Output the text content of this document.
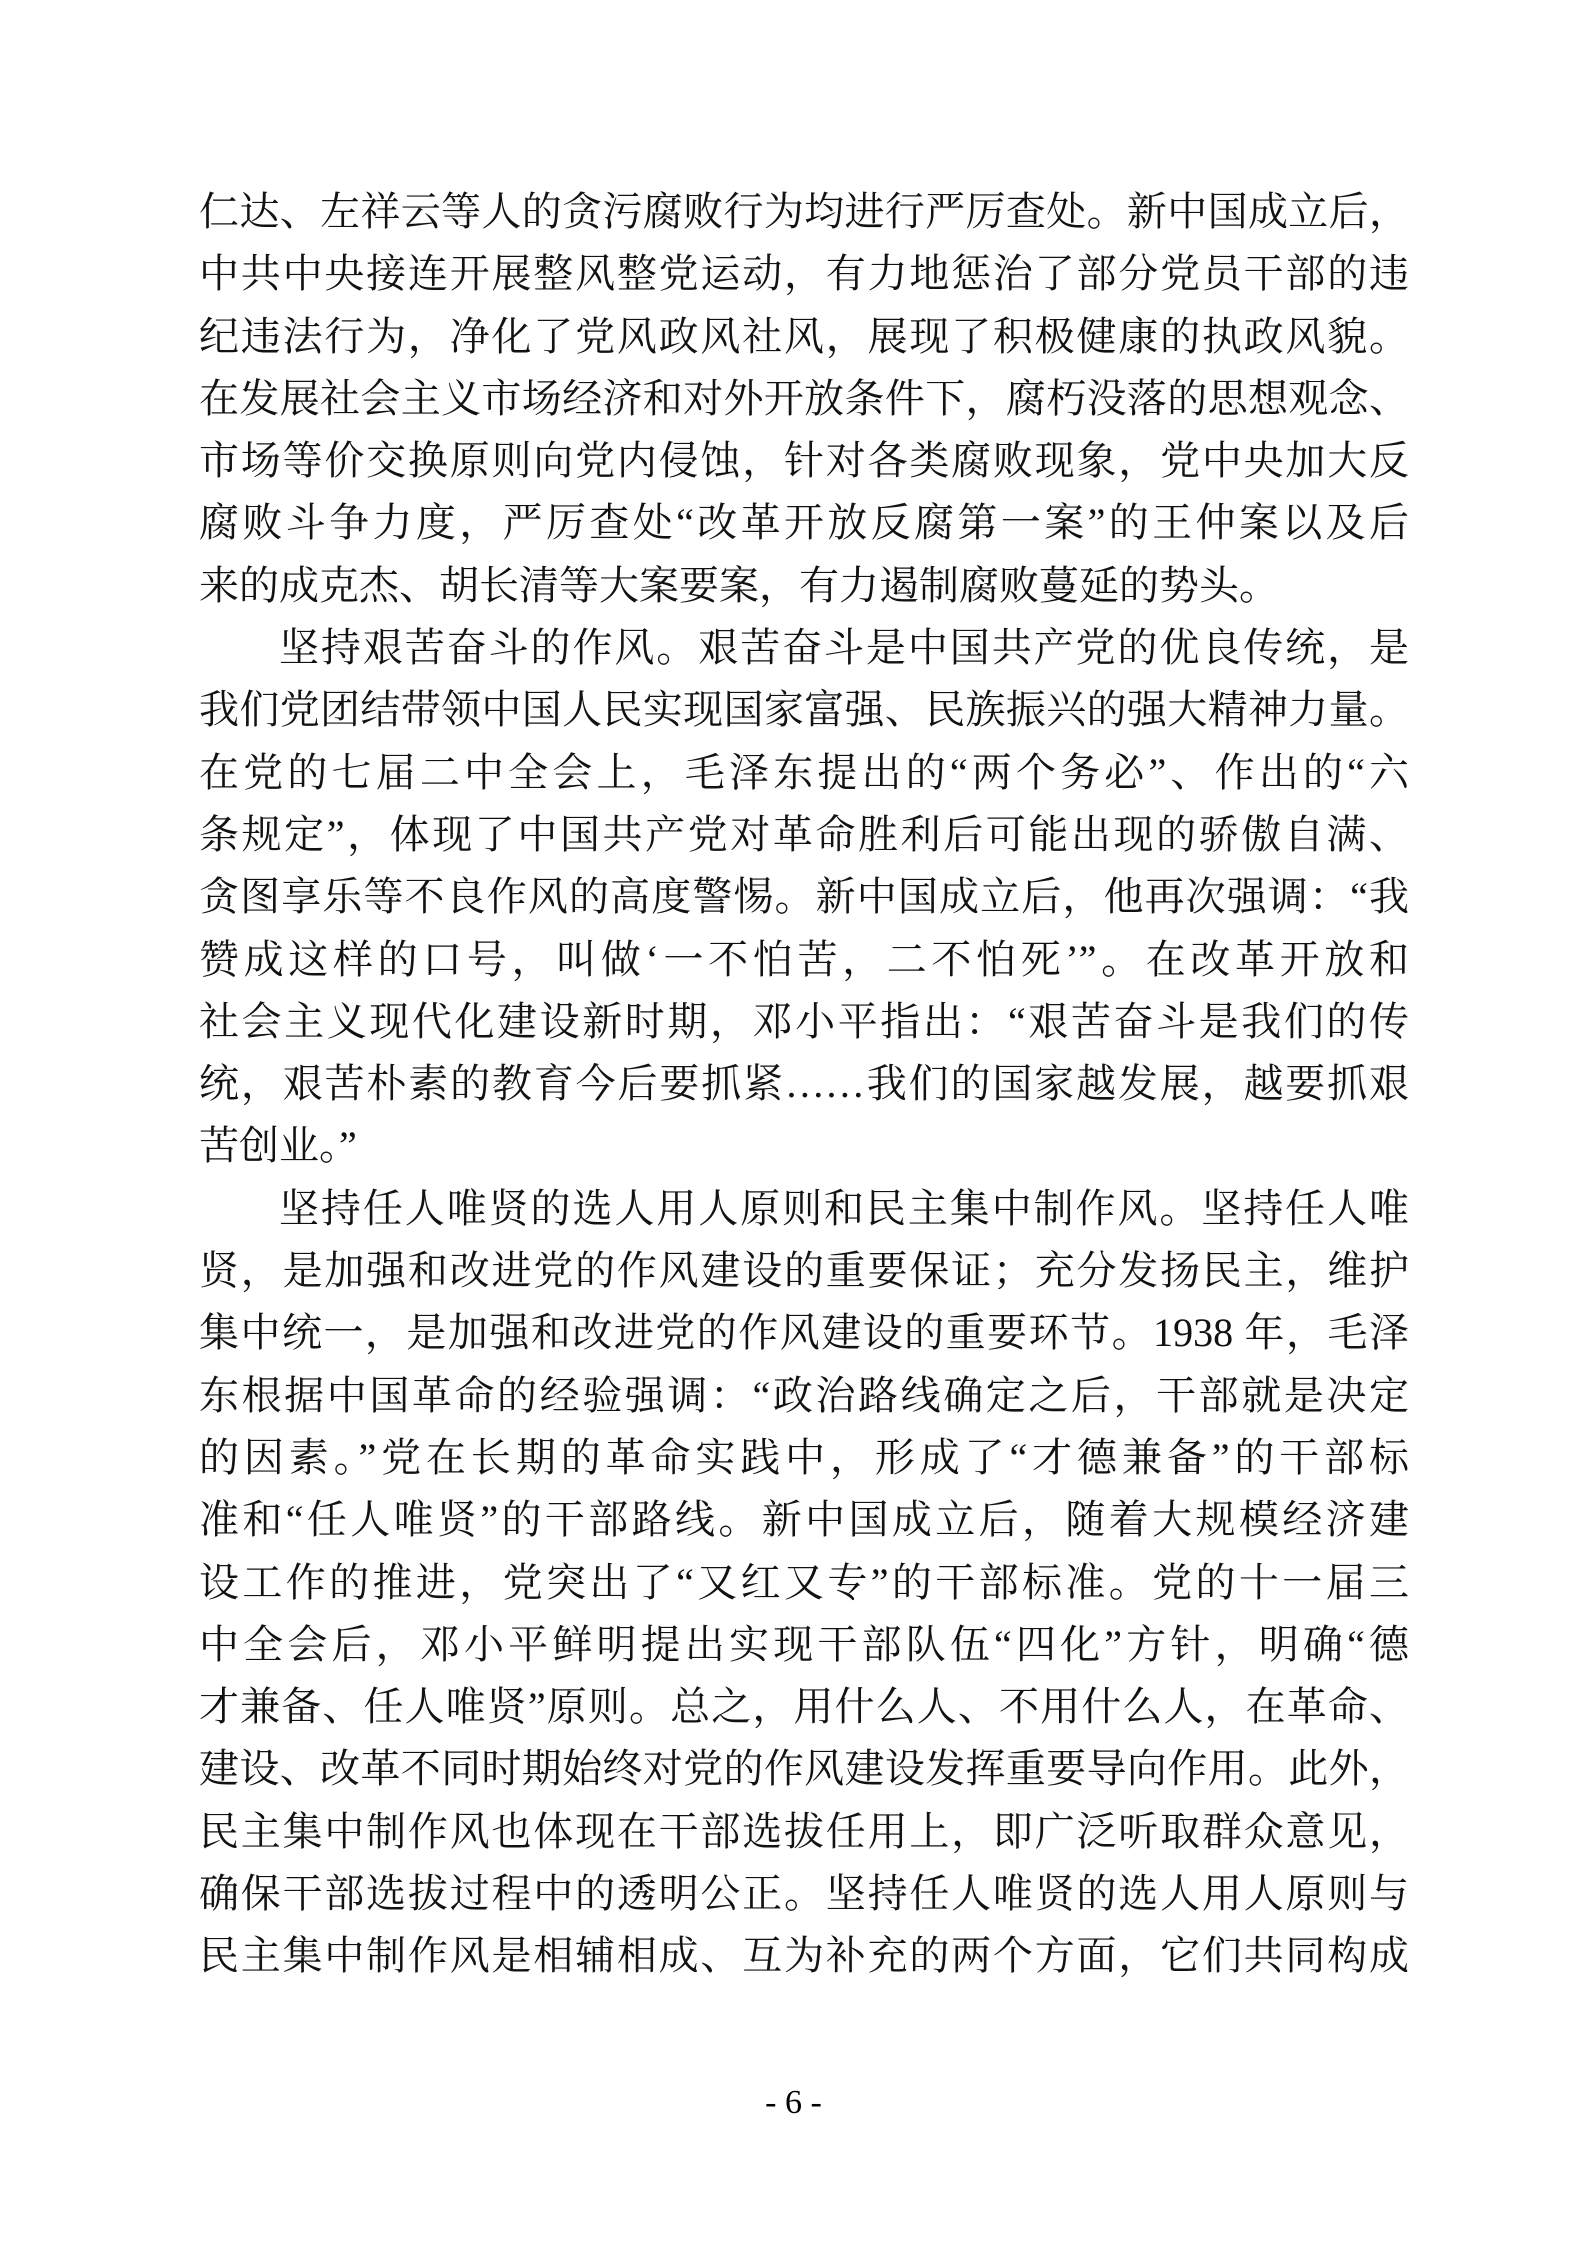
仁达、左祥云等人的贪污腐败行为均进行严厉查处。新中国成立后，
中共中央接连开展整风整党运动，有力地惩治了部分党员干部的违
纪违法行为，净化了党风政风社风，展现了积极健康的执政风貌。
在发展社会主义市场经济和对外开放条件下，腐朽没落的思想观念、
市场等价交换原则向党内侵蚀，针对各类腐败现象，党中央加大反
腐败斗争力度，严厉查处“改革开放反腐第一案”的王仲案以及后
来的成克杰、胡长清等大案要案，有力遏制腐败蔓延的势头。
坚持艰苦奋斗的作风。艰苦奋斗是中国共产党的优良传统，是
我们党团结带领中国人民实现国家富强、民族振兴的强大精神力量。
在党的七届二中全会上，毛泽东提出的“两个务必”、作出的“六
条规定”，体现了中国共产党对革命胜利后可能出现的骄傲自满、
贪图享乐等不良作风的高度警惕。新中国成立后，他再次强调：“我
赞成这样的口号，叫做‘一不怕苦，二不怕死’”。在改革开放和
社会主义现代化建设新时期，邓小平指出：“艰苦奋斗是我们的传
统，艰苦朴素的教育今后要抓紧……我们的国家越发展，越要抓艰
苦创业。”
坚持任人唯贤的选人用人原则和民主集中制作风。坚持任人唯
贤，是加强和改进党的作风建设的重要保证；充分发扬民主，维护
集中统一，是加强和改进党的作风建设的重要环节。1938 年，毛泽
东根据中国革命的经验强调：“政治路线确定之后，干部就是决定
的因素。”党在长期的革命实践中，形成了“才德兼备”的干部标
准和“任人唯贤”的干部路线。新中国成立后，随着大规模经济建
设工作的推进，党突出了“又红又专”的干部标准。党的十一届三
中全会后，邓小平鲜明提出实现干部队伍“四化”方针，明确“德
才兼备、任人唯贤”原则。总之，用什么人、不用什么人，在革命、
建设、改革不同时期始终对党的作风建设发挥重要导向作用。此外，
民主集中制作风也体现在干部选拔任用上，即广泛听取群众意见，
确保干部选拔过程中的透明公正。坚持任人唯贤的选人用人原则与
民主集中制作风是相辅相成、互为补充的两个方面，它们共同构成
- 6 -
